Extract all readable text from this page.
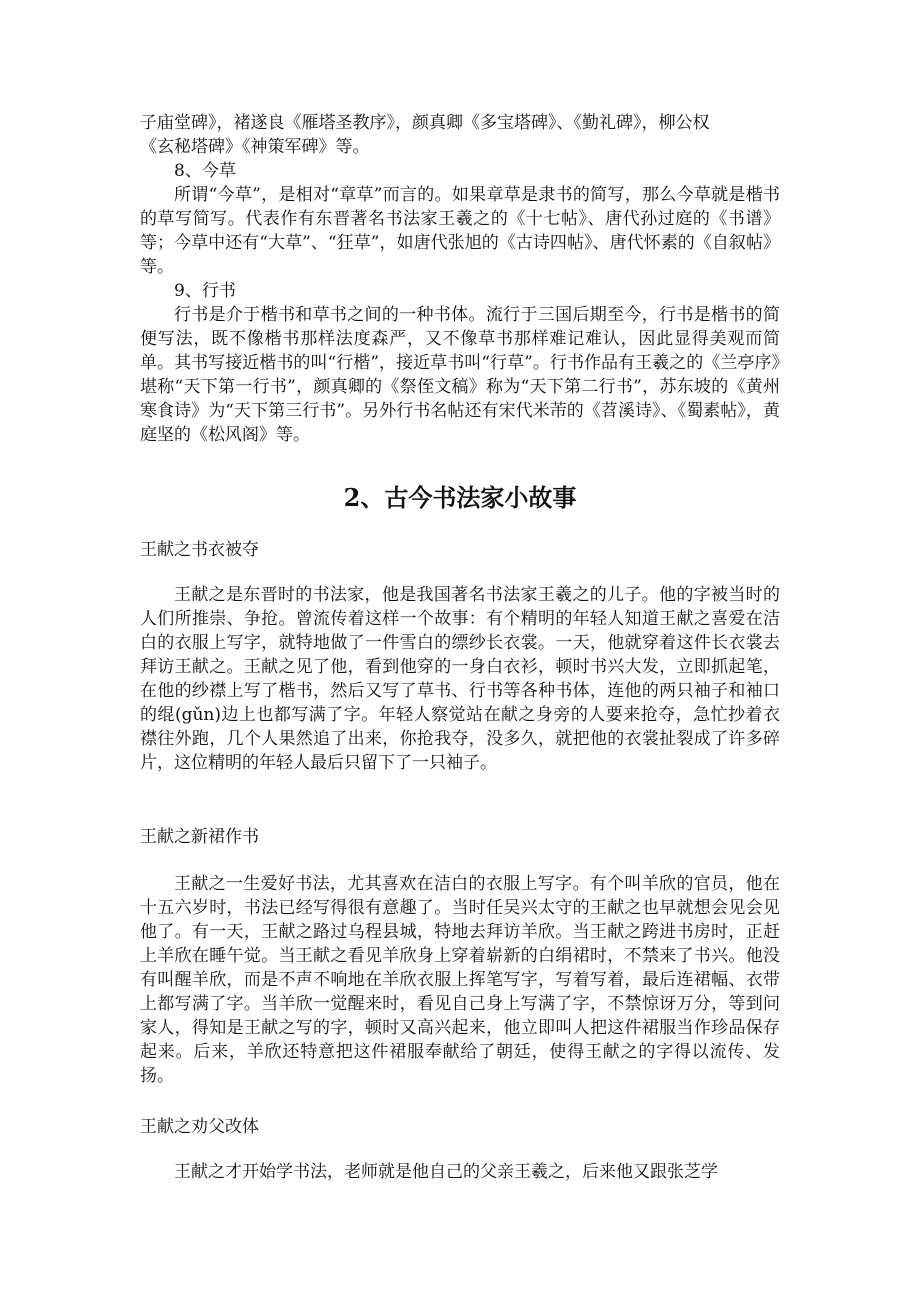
子庙堂碑》，褚遂良《雁塔圣教序》，颜真卿《多宝塔碑》、《勤礼碑》，柳公权

《玄秘塔碑》《神策军碑》等。

8、今草

所谓“今草”，是相对“章草”而言的。如果章草是隶书的简写，那么今草就是楷书的草写简写。代表作有东晋著名书法家王羲之的《十七帖》、唐代孙过庭的《书谱》等；今草中还有“大草”、“狂草”，如唐代张旭的《古诗四帖》、唐代怀素的《自叙帖》等。

9、行书

行书是介于楷书和草书之间的一种书体。流行于三国后期至今，行书是楷书的简便写法，既不像楷书那样法度森严，又不像草书那样难记难认，因此显得美观而简单。其书写接近楷书的叫“行楷”，接近草书叫“行草”。行书作品有王羲之的《兰亭序》堪称“天下第一行书”，颜真卿的《祭侄文稿》称为“天下第二行书”，苏东坡的《黄州寒食诗》为“天下第三行书”。另外行书名帖还有宋代米芾的《苕溪诗》、《蜀素帖》，黄庭坚的《松风阁》等。

2、古今书法家小故事
王献之书衣被夺

王献之是东晋时的书法家，他是我国著名书法家王羲之的儿子。他的字被当时的人们所推崇、争抢。曾流传着这样一个故事：有个精明的年轻人知道王献之喜爱在洁白的衣服上写字，就特地做了一件雪白的缥纱长衣裳。一天，他就穿着这件长衣裳去拜访王献之。王献之见了他，看到他穿的一身白衣衫，顿时书兴大发，立即抓起笔，在他的纱襟上写了楷书，然后又写了草书、行书等各种书体，连他的两只袖子和袖口的绲(gǔn)边上也都写满了字。年轻人察觉站在献之身旁的人要来抢夺，急忙抄着衣襟往外跑，几个人果然追了出来，你抢我夺，没多久，就把他的衣裳扯裂成了许多碎片，这位精明的年轻人最后只留下了一只袖子。

王献之新裙作书

王献之一生爱好书法，尤其喜欢在洁白的衣服上写字。有个叫羊欣的官员，他在十五六岁时，书法已经写得很有意趣了。当时任吴兴太守的王献之也早就想会见会见他了。有一天，王献之路过乌程县城，特地去拜访羊欣。当王献之跨进书房时，正赶上羊欣在睡午觉。当王献之看见羊欣身上穿着崭新的白绢裙时，不禁来了书兴。他没有叫醒羊欣，而是不声不响地在羊欣衣服上挥笔写字，写着写着，最后连裙幅、衣带上都写满了字。当羊欣一觉醒来时，看见自己身上写满了字，不禁惊讶万分，等到问家人，得知是王献之写的字，顿时又高兴起来，他立即叫人把这件裙服当作珍品保存起来。后来，羊欣还特意把这件裙服奉献给了朝廷，使得王献之的字得以流传、发扬。

王献之劝父改体

王献之才开始学书法，老师就是他自己的父亲王羲之，后来他又跟张芝学
